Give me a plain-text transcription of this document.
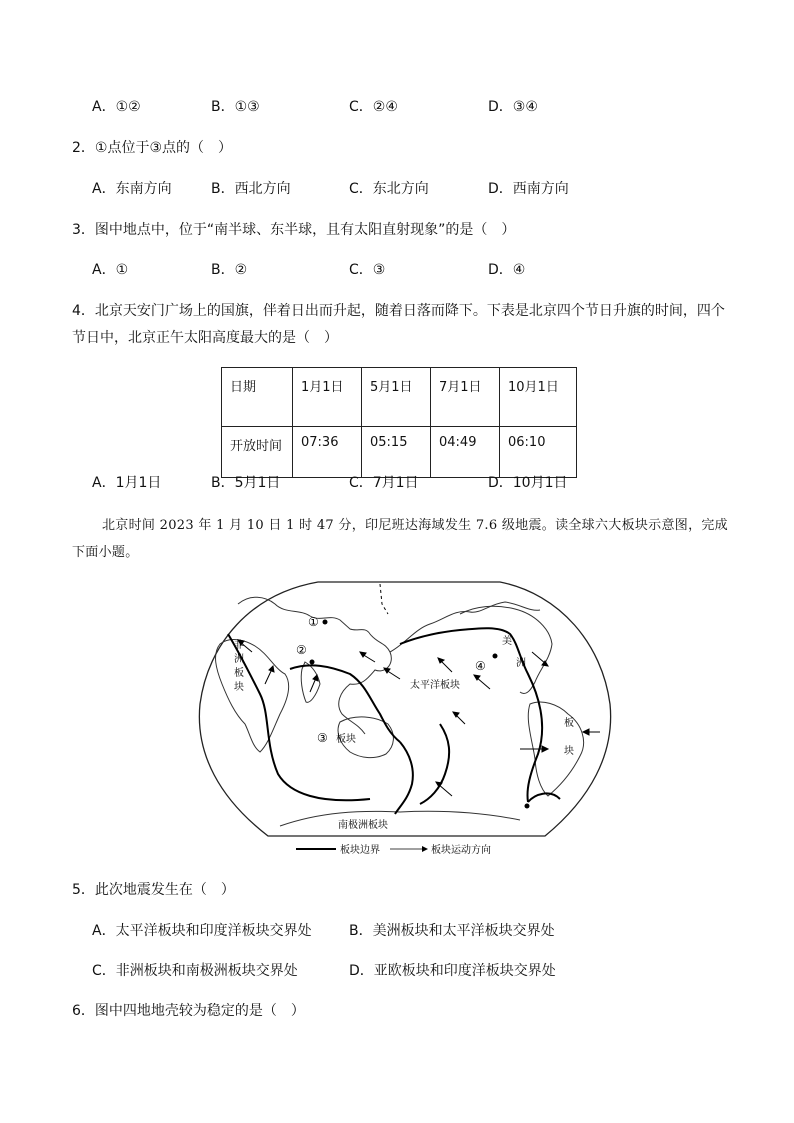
A．①②	B．①③	C．②④	D．③④
2．①点位于③点的（　）
A．东南方向	B．西北方向	C．东北方向	D．西南方向
3．图中地点中，位于“南半球、东半球，且有太阳直射现象”的是（　）
A．①	B．②	C．③	D．④
4．北京天安门广场上的国旗，伴着日出而升起，随着日落而降下。下表是北京四个节日升旗的时间，四个
节日中，北京正午太阳高度最大的是（　）
日期	1月1日	5月1日	7月1日	10月1日
开放时间	07:36	05:15	04:49	06:10
A．1月1日	B．5月1日	C．7月1日	D．10月1日
北京时间 2023 年 1 月 10 日 1 时 47 分，印尼班达海域发生 7.6 级地震。读全球六大板块示意图，完成
下面小题。
①
②
③ 板块
④
非
洲
板
块	太平洋板块
美
洲
板
块
南极洲板块
板块边界	板块运动方向
5．此次地震发生在（　）
A．太平洋板块和印度洋板块交界处	B．美洲板块和太平洋板块交界处
C．非洲板块和南极洲板块交界处	D．亚欧板块和印度洋板块交界处
6．图中四地地壳较为稳定的是（　）
